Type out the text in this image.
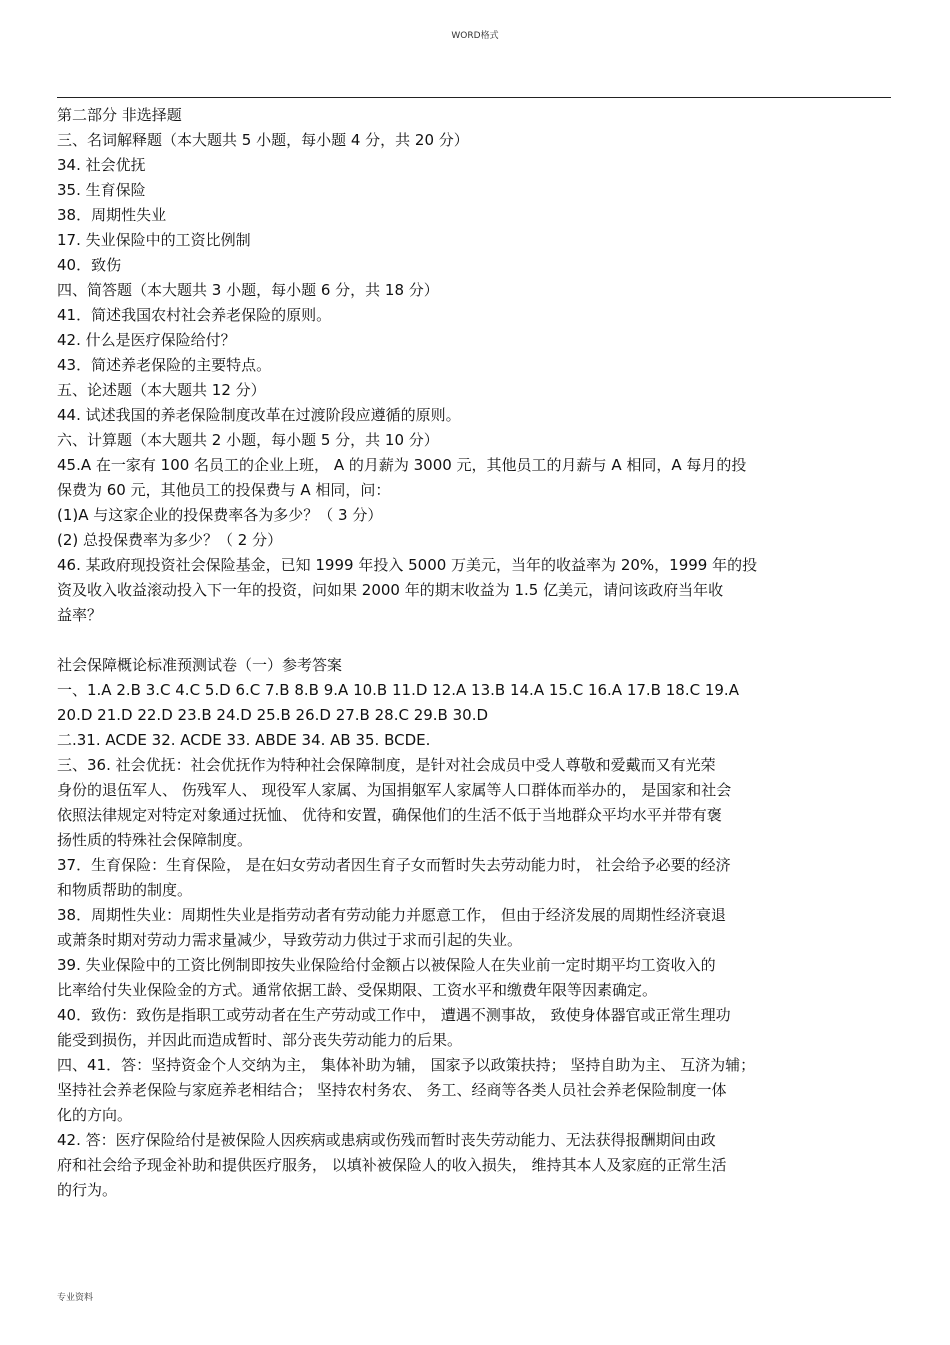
WORD格式
第二部分 非选择题
三、名词解释题（本大题共 5 小题，每小题 4 分，共 20 分）
34. 社会优抚
35. 生育保险
38．周期性失业
17. 失业保险中的工资比例制
40．致伤
四、简答题（本大题共 3 小题，每小题 6 分，共 18 分）
41．简述我国农村社会养老保险的原则。
42. 什么是医疗保险给付？
43．简述养老保险的主要特点。
五、论述题（本大题共 12 分）
44. 试述我国的养老保险制度改革在过渡阶段应遵循的原则。
六、计算题（本大题共 2 小题，每小题 5 分，共 10 分）
45.A 在一家有 100 名员工的企业上班， A 的月薪为 3000 元，其他员工的月薪与 A 相同，A 每月的投
保费为 60 元，其他员工的投保费与 A 相同，问：
(1)A 与这家企业的投保费率各为多少？（ 3 分）
(2) 总投保费率为多少？（ 2 分）
46. 某政府现投资社会保险基金，已知 1999 年投入 5000 万美元，当年的收益率为 20%，1999 年的投
资及收入收益滚动投入下一年的投资，问如果 2000 年的期末收益为 1.5 亿美元，请问该政府当年收
益率？
社会保障概论标准预测试卷（一）参考答案
一、1.A 2.B 3.C 4.C 5.D 6.C 7.B 8.B 9.A 10.B 11.D 12.A 13.B 14.A 15.C 16.A 17.B 18.C 19.A
20.D 21.D 22.D 23.B 24.D 25.B 26.D 27.B 28.C 29.B 30.D
二.31. ACDE 32. ACDE 33. ABDE 34. AB 35. BCDE.
三、36. 社会优抚：社会优抚作为特种社会保障制度，是针对社会成员中受人尊敬和爱戴而又有光荣
身份的退伍军人、 伤残军人、 现役军人家属、为国捐躯军人家属等人口群体而举办的， 是国家和社会
依照法律规定对特定对象通过抚恤、 优待和安置，确保他们的生活不低于当地群众平均水平并带有褒
扬性质的特殊社会保障制度。
37．生育保险：生育保险， 是在妇女劳动者因生育子女而暂时失去劳动能力时， 社会给予必要的经济
和物质帮助的制度。
38．周期性失业：周期性失业是指劳动者有劳动能力并愿意工作， 但由于经济发展的周期性经济衰退
或萧条时期对劳动力需求量减少，导致劳动力供过于求而引起的失业。
39. 失业保险中的工资比例制即按失业保险给付金额占以被保险人在失业前一定时期平均工资收入的
比率给付失业保险金的方式。通常依据工龄、受保期限、工资水平和缴费年限等因素确定。
40．致伤：致伤是指职工或劳动者在生产劳动或工作中， 遭遇不测事故， 致使身体器官或正常生理功
能受到损伤，并因此而造成暂时、部分丧失劳动能力的后果。
四、41．答：坚持资金个人交纳为主， 集体补助为辅， 国家予以政策扶持； 坚持自助为主、 互济为辅；
坚持社会养老保险与家庭养老相结合； 坚持农村务农、 务工、经商等各类人员社会养老保险制度一体
化的方向。
42. 答：医疗保险给付是被保险人因疾病或患病或伤残而暂时丧失劳动能力、无法获得报酬期间由政
府和社会给予现金补助和提供医疗服务， 以填补被保险人的收入损失， 维持其本人及家庭的正常生活
的行为。
专业资料
